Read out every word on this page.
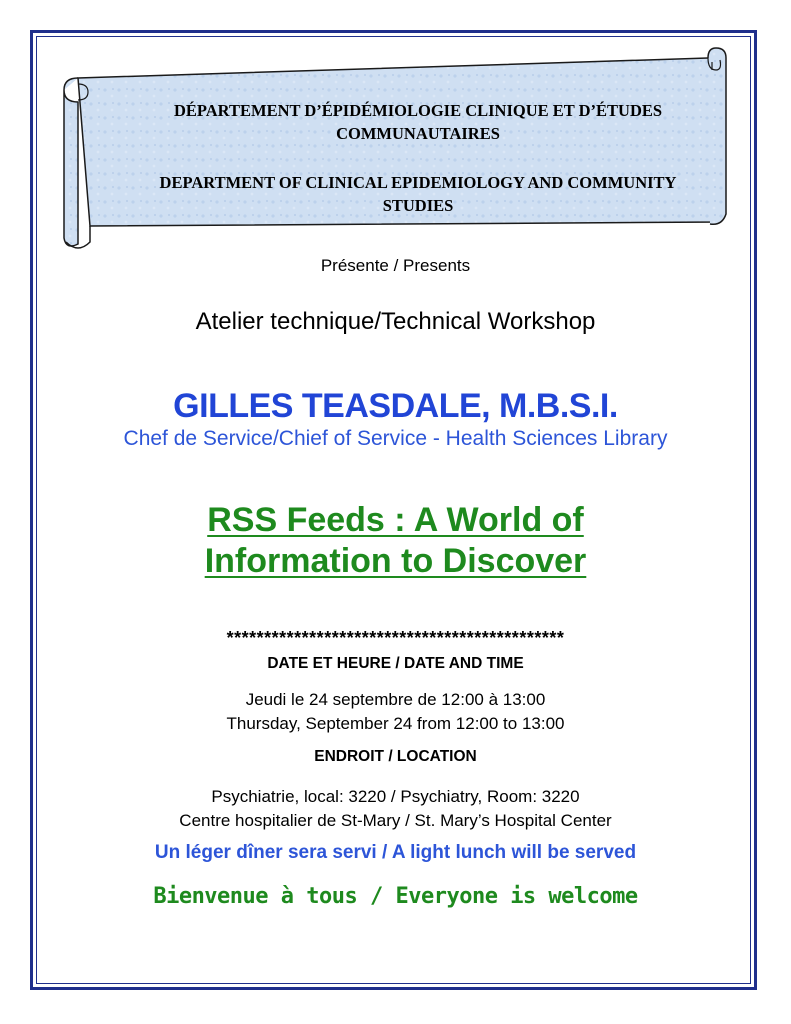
DÉPARTEMENT D’ÉPIDÉMIOLOGIE CLINIQUE ET D’ÉTUDES COMMUNAUTAIRES
DEPARTMENT OF CLINICAL EPIDEMIOLOGY AND COMMUNITY STUDIES
Présente / Presents
Atelier technique/Technical Workshop
GILLES TEASDALE, M.B.S.I.
Chef de Service/Chief of Service - Health Sciences Library
RSS Feeds : A World of
Information to Discover
*********************************************
DATE ET HEURE / DATE AND TIME
Jeudi le 24 septembre de 12:00 à 13:00
Thursday, September 24 from 12:00 to 13:00
ENDROIT / LOCATION
Psychiatrie, local: 3220 / Psychiatry, Room: 3220
Centre hospitalier de St-Mary / St. Mary’s Hospital Center
Un léger dîner sera servi / A light lunch will be served
Bienvenue à tous / Everyone is welcome
